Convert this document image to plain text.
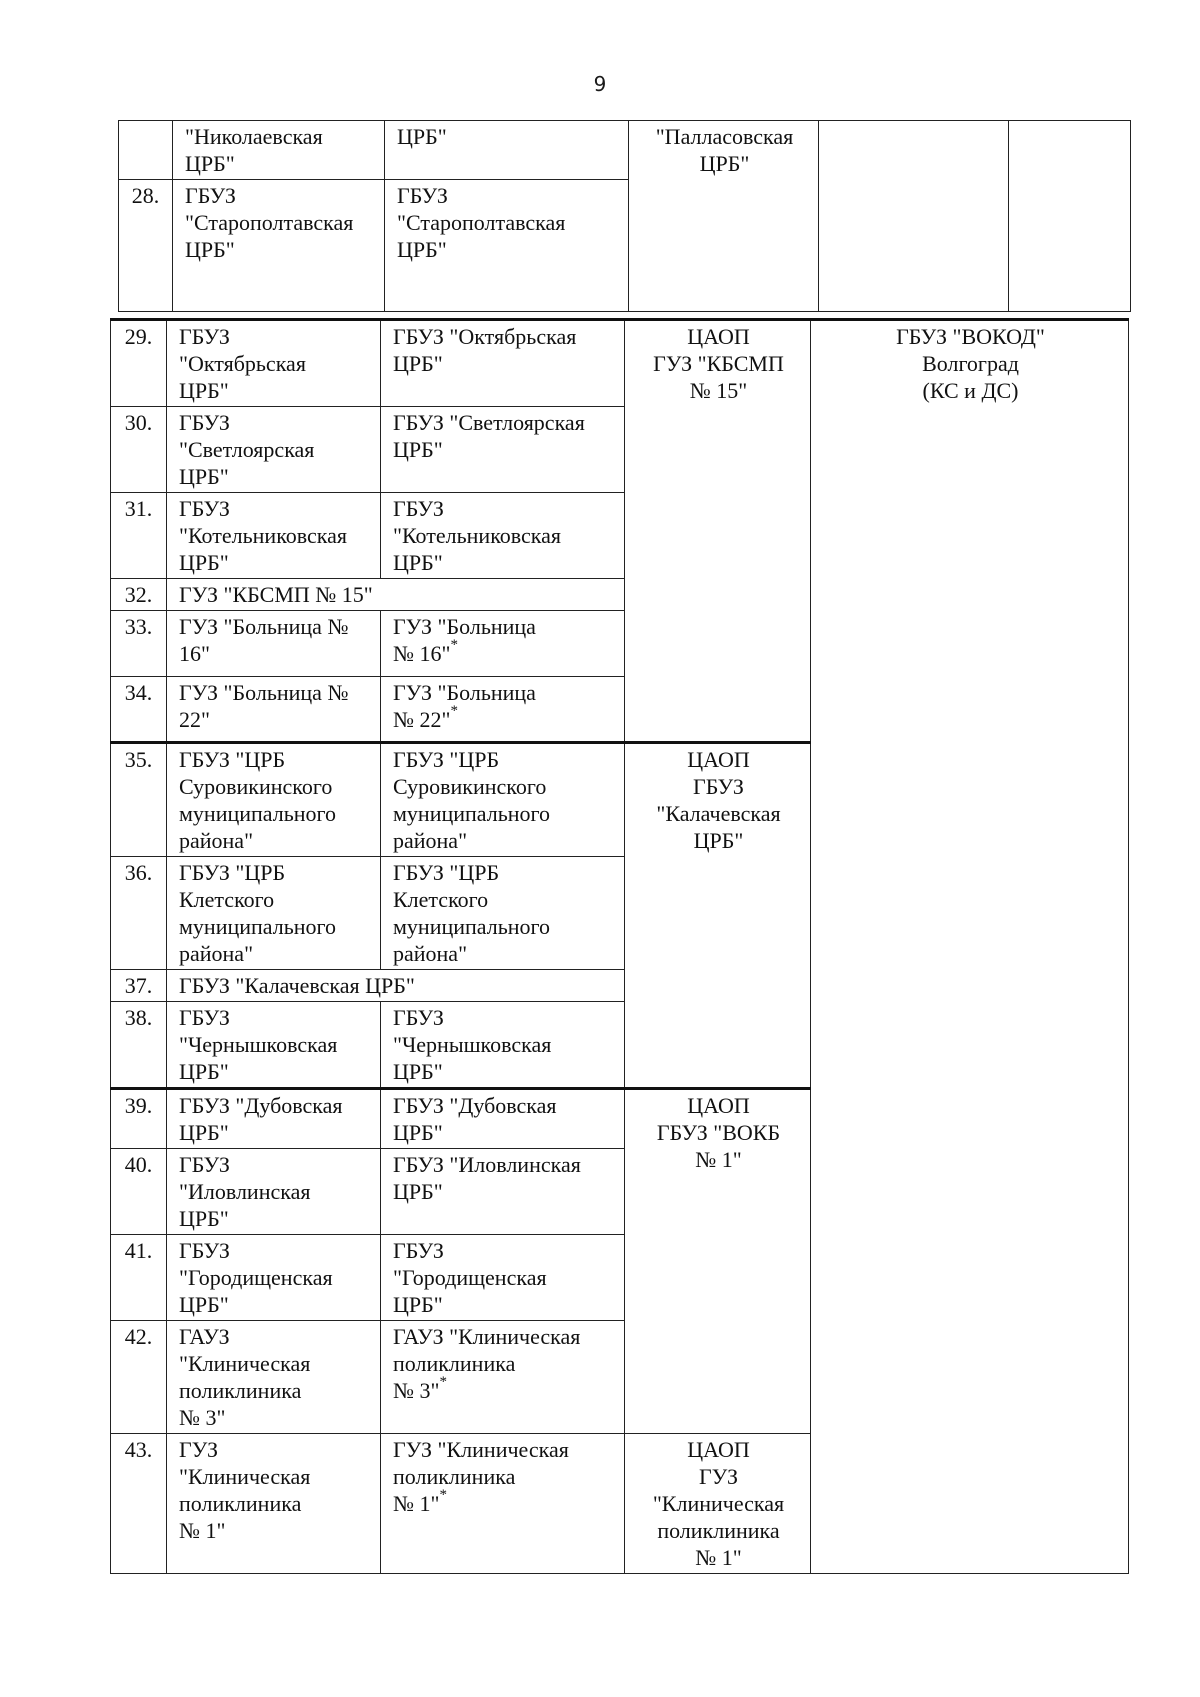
9

	"Николаевская
ЦРБ"	ЦРБ"	"Палласовская
ЦРБ"		

28.	ГБУЗ
"Старополтавская
ЦРБ"	ГБУЗ
"Старополтавская
ЦРБ"			
29.	ГБУЗ
"Октябрьская
ЦРБ"	ГБУЗ "Октябрьская
ЦРБ"	ЦАОП
ГУЗ "КБСМП
№ 15"	ГБУЗ "ВОКОД"
Волгоград
(КС и ДС)

30.	ГБУЗ
"Светлоярская
ЦРБ"	ГБУЗ "Светлоярская
ЦРБ"		

31.	ГБУЗ
"Котельниковская
ЦРБ"	ГБУЗ
"Котельниковская
ЦРБ"		

32.	ГУЗ "КБСМП № 15"			
33.	ГУЗ "Больница №
16"	ГУЗ "Больница
№ 16"*

34.	ГУЗ "Больница №
22"	ГУЗ "Больница
№ 22"*

35.	ГБУЗ "ЦРБ
Суровикинского
муниципального
района"	ГБУЗ "ЦРБ
Суровикинского
муниципального
района"	ЦАОП
ГБУЗ
"Калачевская
ЦРБ"	

36.	ГБУЗ "ЦРБ
Клетского
муниципального
района"	ГБУЗ "ЦРБ
Клетского
муниципального
района"		

37.	ГБУЗ "Калачевская ЦРБ"			
38.	ГБУЗ
"Чернышковская
ЦРБ"	ГБУЗ
"Чернышковская
ЦРБ"		

39.	ГБУЗ "Дубовская
ЦРБ"	ГБУЗ "Дубовская
ЦРБ"	ЦАОП
ГБУЗ "ВОКБ
№ 1"	

40.	ГБУЗ
"Иловлинская
ЦРБ"	ГБУЗ "Иловлинская
ЦРБ"		

41.	ГБУЗ
"Городищенская
ЦРБ"	ГБУЗ
"Городищенская
ЦРБ"		

42.	ГАУЗ
"Клиническая
поликлиника
№ 3"	ГАУЗ "Клиническая
поликлиника
№ 3"*

43.	ГУЗ
"Клиническая
поликлиника
№ 1"	ГУЗ "Клиническая
поликлиника
№ 1"*	ЦАОП
ГУЗ
"Клиническая
поликлиника
№ 1"	
